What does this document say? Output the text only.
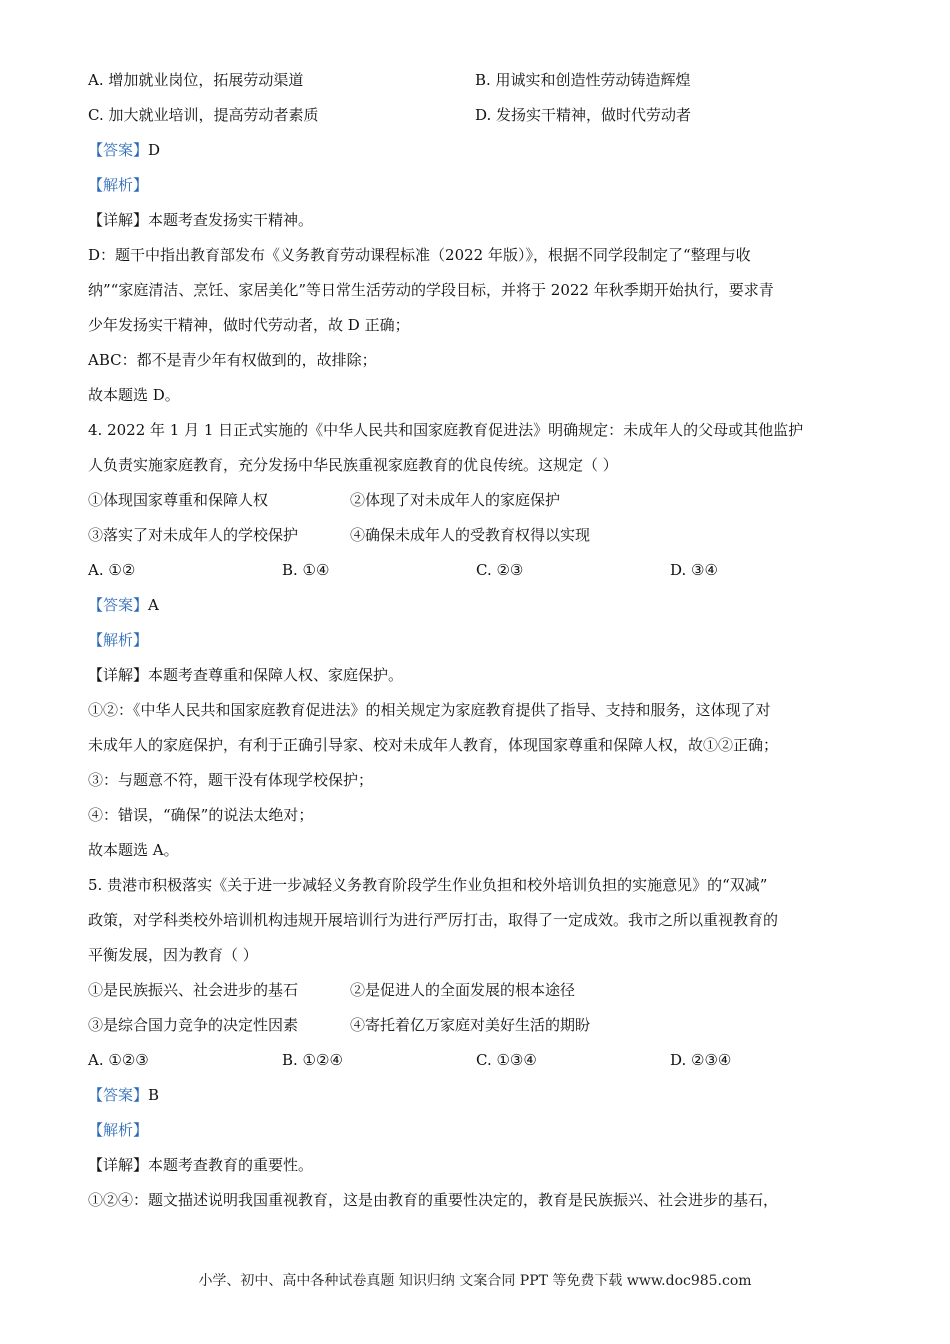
A. 增加就业岗位，拓展劳动渠道	B. 用诚实和创造性劳动铸造辉煌
C. 加大就业培训，提高劳动者素质	D. 发扬实干精神，做时代劳动者
【答案】D
【解析】
【详解】本题考查发扬实干精神。
D：题干中指出教育部发布《义务教育劳动课程标准（2022 年版）》，根据不同学段制定了“整理与收
纳”“家庭清洁、烹饪、家居美化”等日常生活劳动的学段目标，并将于 2022 年秋季期开始执行，要求青
少年发扬实干精神，做时代劳动者，故 D 正确；
ABC：都不是青少年有权做到的，故排除；
故本题选 D。
4. 2022 年 1 月 1 日正式实施的《中华人民共和国家庭教育促进法》明确规定：未成年人的父母或其他监护
人负责实施家庭教育，充分发扬中华民族重视家庭教育的优良传统。这规定（ ）
①体现国家尊重和保障人权	②体现了对未成年人的家庭保护
③落实了对未成年人的学校保护	④确保未成年人的受教育权得以实现
A. ①②	B. ①④	C. ②③	D. ③④
【答案】A
【解析】
【详解】本题考查尊重和保障人权、家庭保护。
①②：《中华人民共和国家庭教育促进法》的相关规定为家庭教育提供了指导、支持和服务，这体现了对
未成年人的家庭保护，有利于正确引导家、校对未成年人教育，体现国家尊重和保障人权，故①②正确；
③：与题意不符，题干没有体现学校保护；
④：错误，“确保”的说法太绝对；
故本题选 A。
5. 贵港市积极落实《关于进一步减轻义务教育阶段学生作业负担和校外培训负担的实施意见》的“双减”
政策，对学科类校外培训机构违规开展培训行为进行严厉打击，取得了一定成效。我市之所以重视教育的
平衡发展，因为教育（ ）
①是民族振兴、社会进步的基石	②是促进人的全面发展的根本途径
③是综合国力竞争的决定性因素	④寄托着亿万家庭对美好生活的期盼
A. ①②③	B. ①②④	C. ①③④	D. ②③④
【答案】B
【解析】
【详解】本题考查教育的重要性。
①②④：题文描述说明我国重视教育，这是由教育的重要性决定的，教育是民族振兴、社会进步的基石，
小学、初中、高中各种试卷真题 知识归纳 文案合同 PPT 等免费下载 www.doc985.com
